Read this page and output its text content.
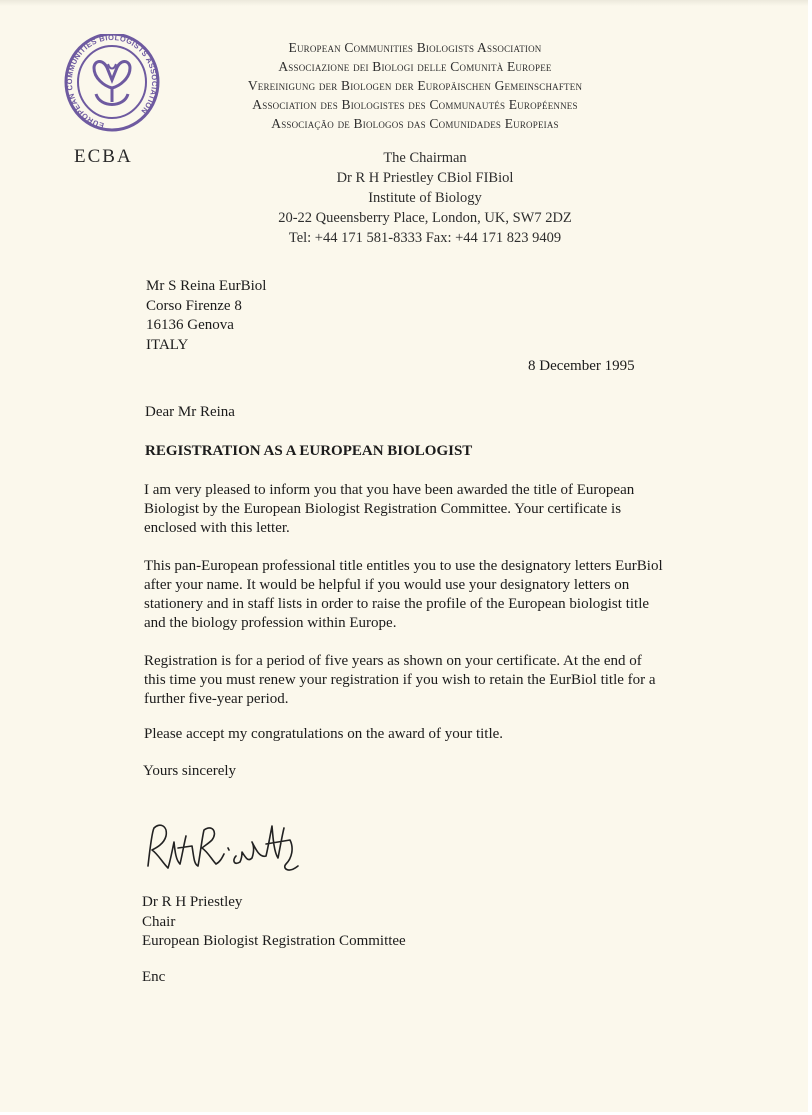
EUROPEAN COMMUNITIES BIOLOGISTS ASSOCIATION
ECBA
European Communities Biologists Association
Associazione dei Biologi delle Comunità Europee
Vereinigung der Biologen der Europäischen Gemeinschaften
Association des Biologistes des Communautés Européennes
Associação de Biologos das Comunidades Europeias
The Chairman
Dr R H Priestley CBiol FIBiol
Institute of Biology
20-22 Queensberry Place, London, UK, SW7 2DZ
Tel: +44 171 581-8333 Fax: +44 171 823 9409
Mr S Reina EurBiol
Corso Firenze 8
16136 Genova
ITALY
8 December 1995
Dear Mr Reina
REGISTRATION AS A EUROPEAN BIOLOGIST
I am very pleased to inform you that you have been awarded the title of European
Biologist by the European Biologist Registration Committee. Your certificate is
enclosed with this letter.
This pan-European professional title entitles you to use the designatory letters EurBiol
after your name. It would be helpful if you would use your designatory letters on
stationery and in staff lists in order to raise the profile of the European biologist title
and the biology profession within Europe.
Registration is for a period of five years as shown on your certificate. At the end of
this time you must renew your registration if you wish to retain the EurBiol title for a
further five-year period.
Please accept my congratulations on the award of your title.
Yours sincerely
Dr R H Priestley
Chair
European Biologist Registration Committee
Enc
